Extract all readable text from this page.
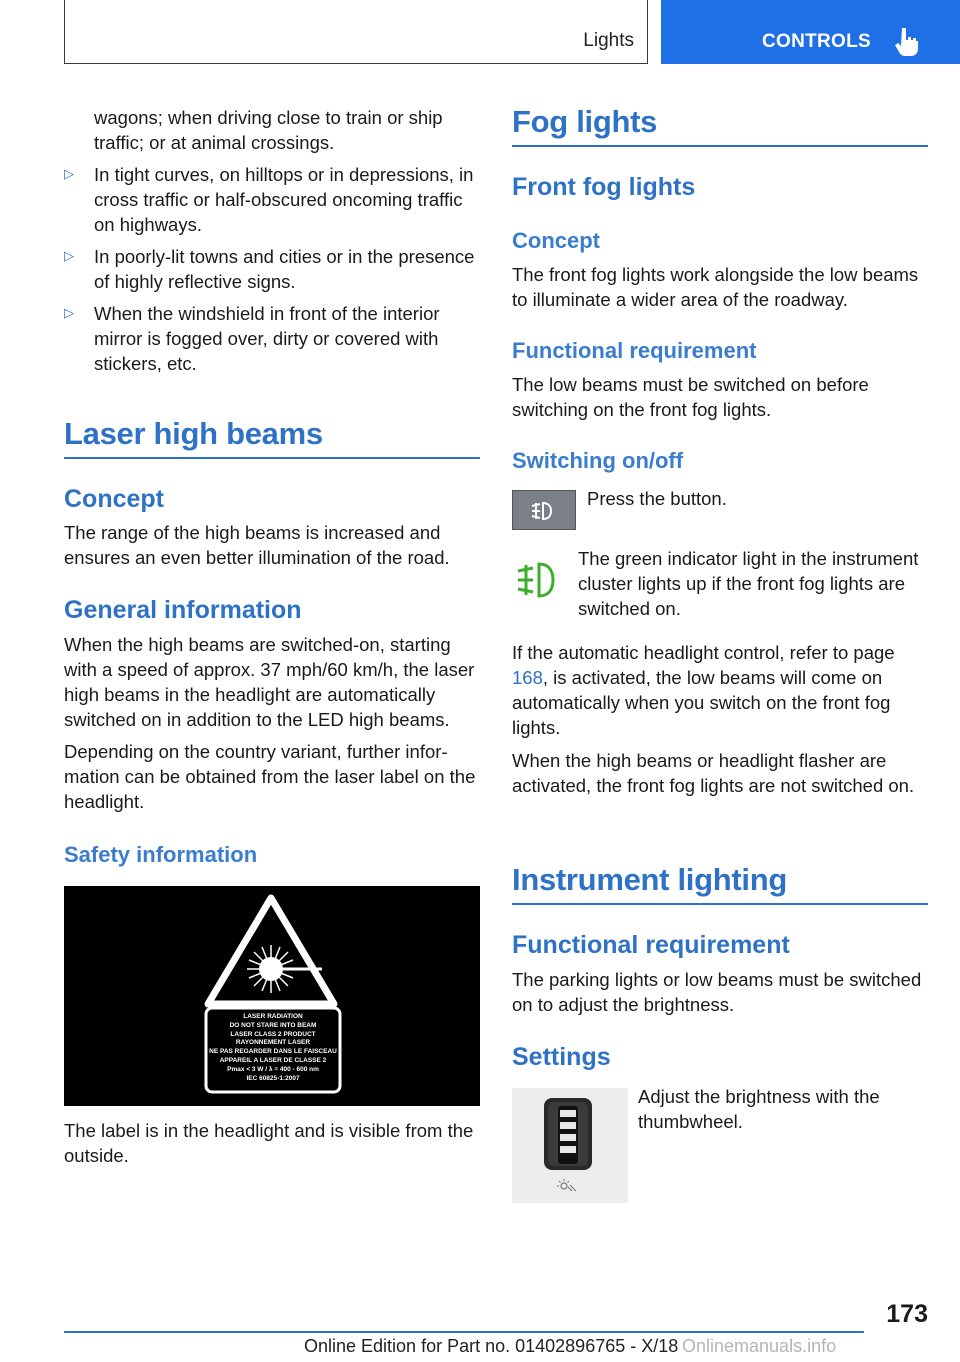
Lights	CONTROLS

wagons; when driving close to train or ship traffic; or at animal crossings.

▷ In tight curves, on hilltops or in depressions, in cross traffic or half-obscured oncoming traffic on highways.

▷ In poorly-lit towns and cities or in the presence of highly reflective signs.

▷ When the windshield in front of the interior mirror is fogged over, dirty or covered with stickers, etc.

Laser high beams
Concept

The range of the high beams is increased and ensures an even better illumination of the road.

General information

When the high beams are switched-on, starting with a speed of approx. 37 mph/60 km/h, the laser high beams in the headlight are automatically switched on in addition to the LED high beams.

Depending on the country variant, further information can be obtained from the laser label on the headlight.

Safety information

The label is in the headlight and is visible from the outside.

LASER RADIATION
DO NOT STARE INTO BEAM
LASER CLASS 2 PRODUCT
RAYONNEMENT LASER
NE PAS REGARDER DANS LE FAISCEAU
APPAREIL A LASER DE CLASSE 2
Pmax < 3 W / λ = 400 - 600 nm
IEC 60825-1:2007
Fog lights
Front fog lights
Concept

The front fog lights work alongside the low beams to illuminate a wider area of the roadway.

Functional requirement

The low beams must be switched on before switching on the front fog lights.

Switching on/off

Press the button.

The green indicator light in the instrument cluster lights up if the front fog lights are switched on.

If the automatic headlight control, refer to page 168, is activated, the low beams will come on automatically when you switch on the front fog lights.

When the high beams or headlight flasher are activated, the front fog lights are not switched on.

Instrument lighting
Functional requirement

The parking lights or low beams must be switched on to adjust the brightness.

Settings

Adjust the brightness with the thumbwheel.

173
Online Edition for Part no. 01402896765 - X/18 Onlinemanuals.info
